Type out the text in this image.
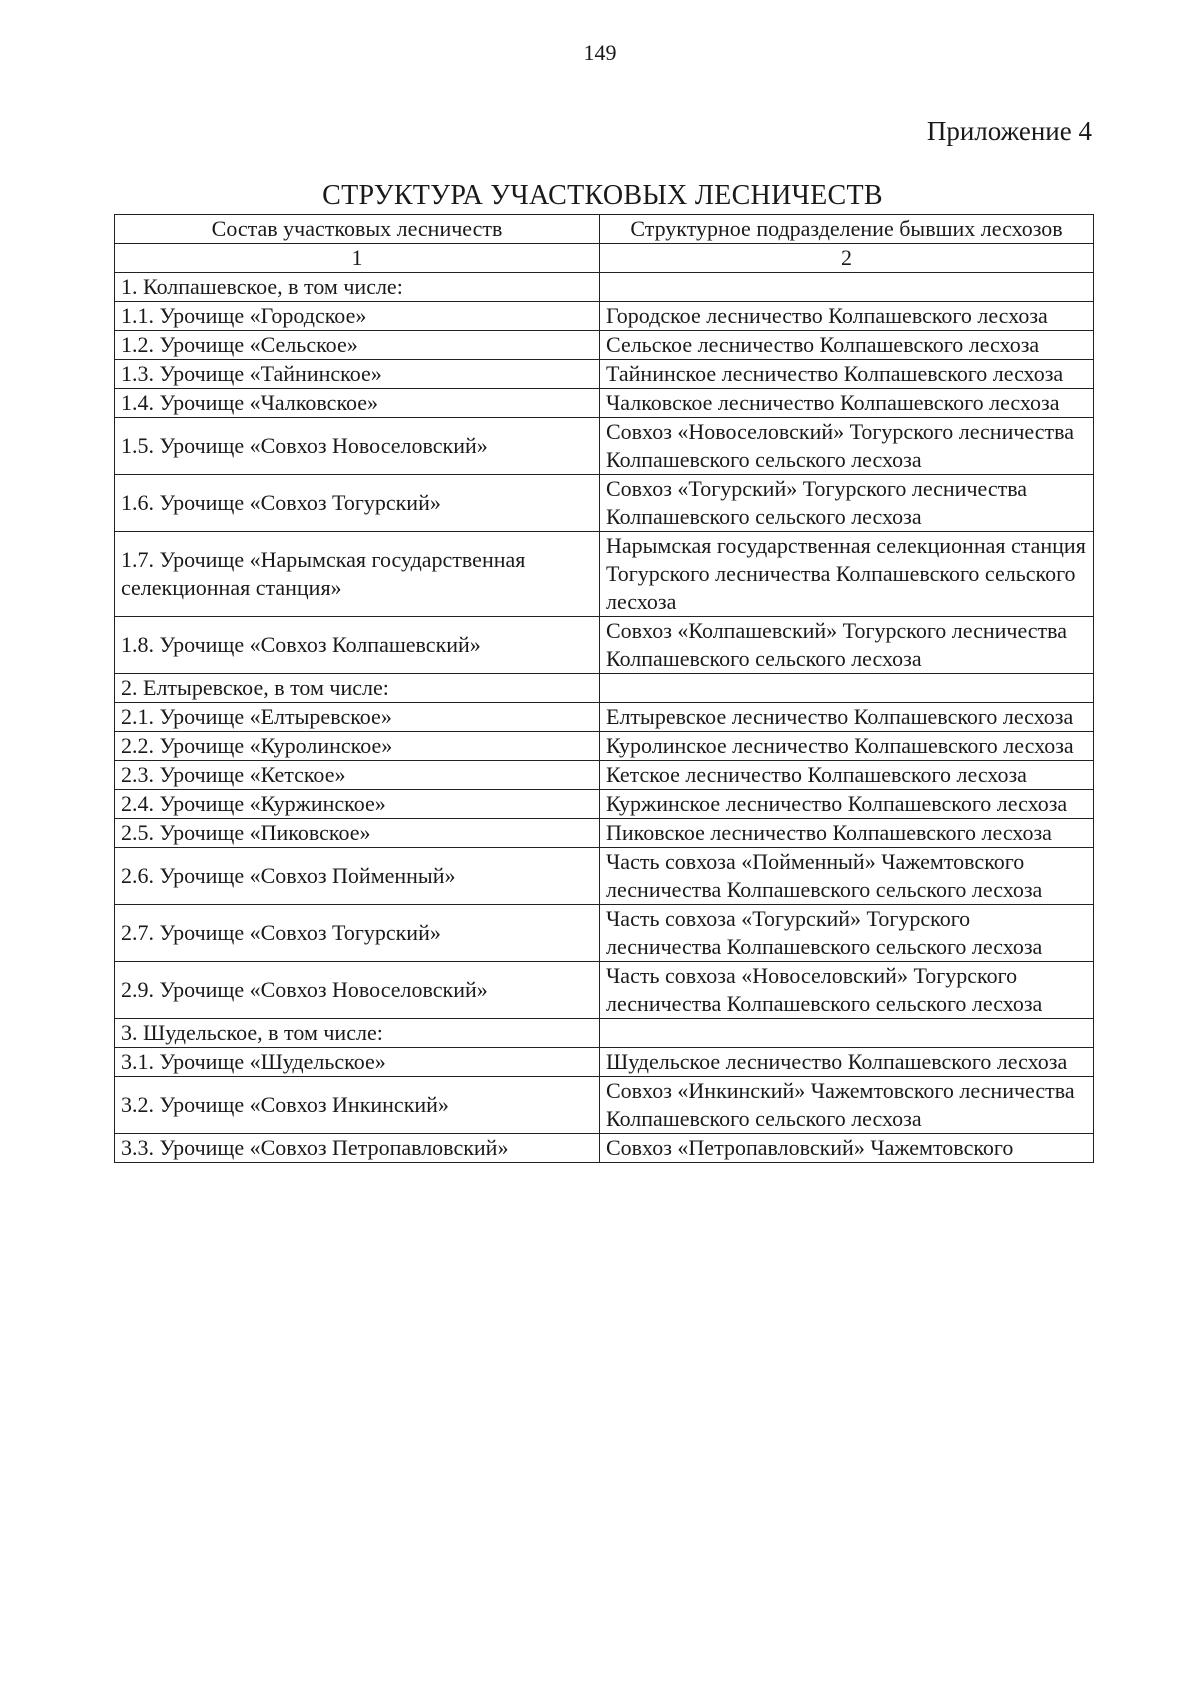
149
Приложение 4
СТРУКТУРА УЧАСТКОВЫХ ЛЕСНИЧЕСТВ
Состав участковых лесничеств	Структурное подразделение бывших лесхозов
1	2
1. Колпашевское, в том числе:	
1.1. Урочище «Городское»	Городское лесничество Колпашевского лесхоза
1.2. Урочище «Сельское»	Сельское лесничество Колпашевского лесхоза
1.3. Урочище «Тайнинское»	Тайнинское лесничество Колпашевского лесхоза
1.4. Урочище «Чалковское»	Чалковское лесничество Колпашевского лесхоза
1.5. Урочище «Совхоз Новоселовский»	Совхоз «Новоселовский» Тогурского лесничества Колпашевского сельского лесхоза
1.6. Урочище «Совхоз Тогурский»	Совхоз «Тогурский» Тогурского лесничества Колпашевского сельского лесхоза
1.7. Урочище «Нарымская государственная селекционная станция»	Нарымская государственная селекционная станция Тогурского лесничества Колпашевского сельского лесхоза
1.8. Урочище «Совхоз Колпашевский»	Совхоз «Колпашевский» Тогурского лесничества Колпашевского сельского лесхоза
2. Елтыревское, в том числе:	
2.1. Урочище «Елтыревское»	Елтыревское лесничество Колпашевского лесхоза
2.2. Урочище «Куролинское»	Куролинское лесничество Колпашевского лесхоза
2.3. Урочище «Кетское»	Кетское лесничество Колпашевского лесхоза
2.4. Урочище «Куржинское»	Куржинское лесничество Колпашевского лесхоза
2.5. Урочище «Пиковское»	Пиковское лесничество Колпашевского лесхоза
2.6. Урочище «Совхоз Пойменный»	Часть совхоза «Пойменный» Чажемтовского лесничества Колпашевского сельского лесхоза
2.7. Урочище «Совхоз Тогурский»	Часть совхоза «Тогурский» Тогурского лесничества Колпашевского сельского лесхоза
2.9. Урочище «Совхоз Новоселовский»	Часть совхоза «Новоселовский» Тогурского лесничества Колпашевского сельского лесхоза
3. Шудельское, в том числе:	
3.1. Урочище «Шудельское»	Шудельское лесничество Колпашевского лесхоза
3.2. Урочище «Совхоз Инкинский»	Совхоз «Инкинский» Чажемтовского лесничества Колпашевского сельского лесхоза
3.3. Урочище «Совхоз Петропавловский»	Совхоз «Петропавловский» Чажемтовского
